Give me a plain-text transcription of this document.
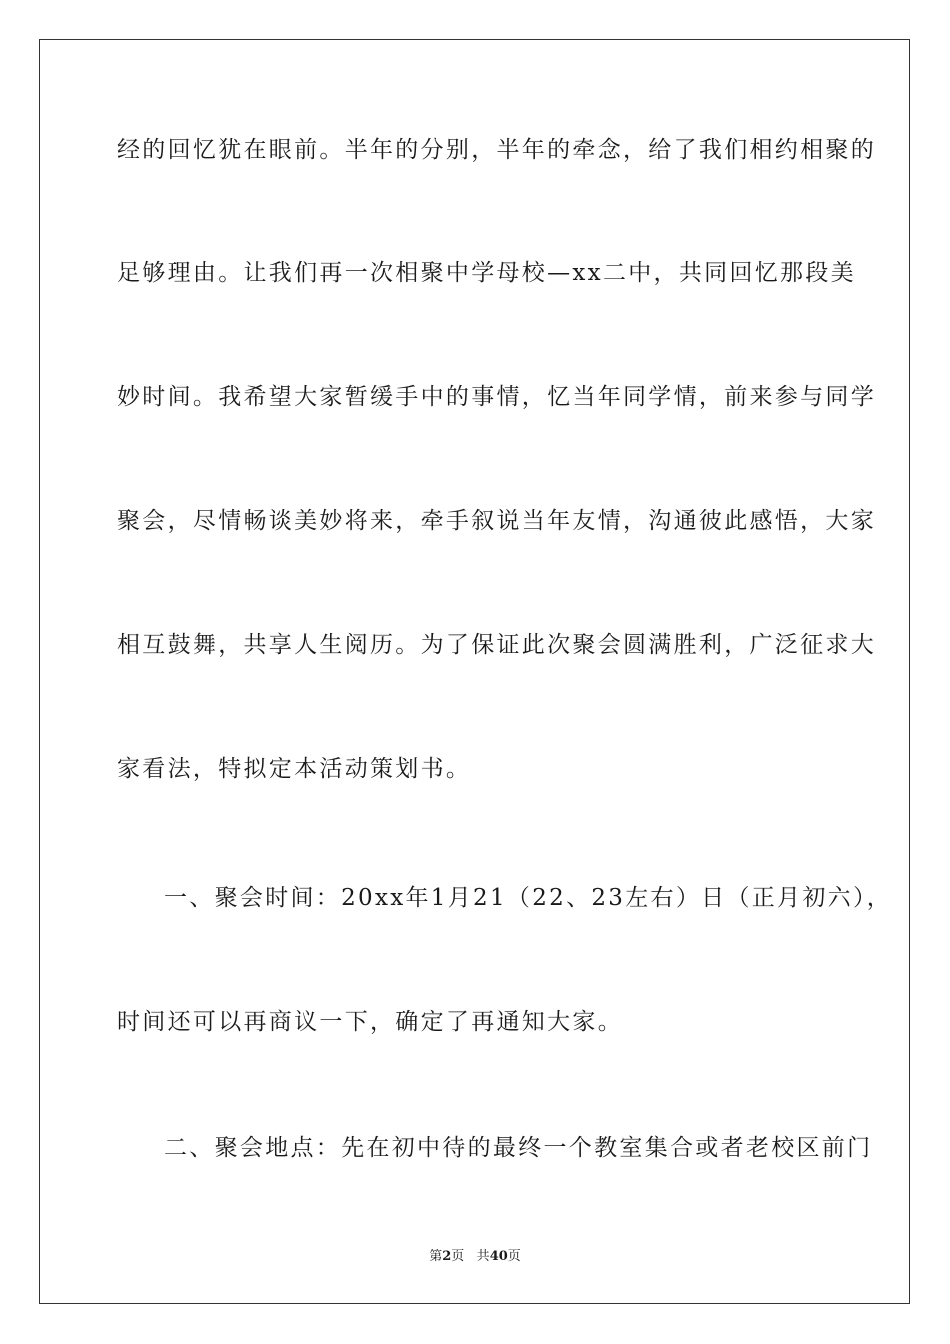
经的回忆犹在眼前。半年的分别，半年的牵念，给了我们相约相聚的
足够理由。让我们再一次相聚中学母校—xx二中，共同回忆那段美
妙时间。我希望大家暂缓手中的事情，忆当年同学情，前来参与同学
聚会，尽情畅谈美妙将来，牵手叙说当年友情，沟通彼此感悟，大家
相互鼓舞，共享人生阅历。为了保证此次聚会圆满胜利，广泛征求大
家看法，特拟定本活动策划书。
一、聚会时间：20xx年1月21（22、23左右）日（正月初六），
时间还可以再商议一下，确定了再通知大家。
二、聚会地点：先在初中待的最终一个教室集合或者老校区前门
第2页 共40页
